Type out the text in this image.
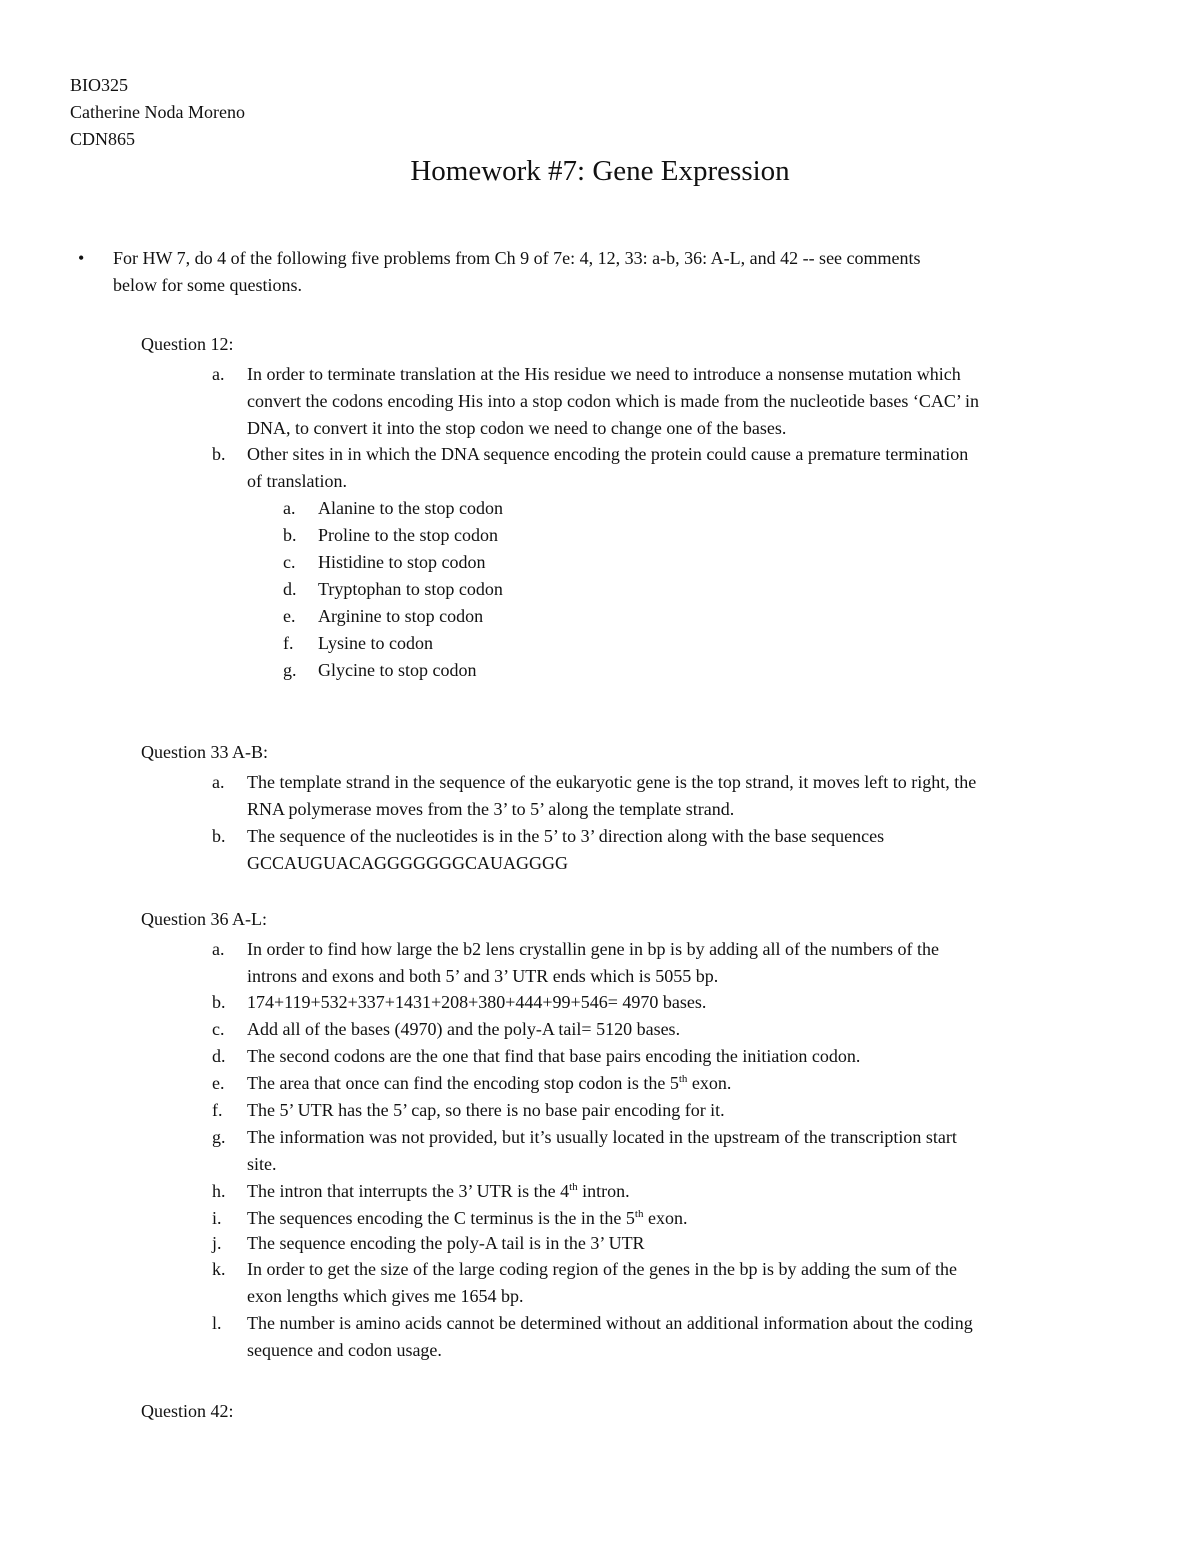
BIO325
Catherine Noda Moreno
CDN865
Homework #7: Gene Expression
• For HW 7, do 4 of the following five problems from Ch 9 of 7e: 4, 12, 33: a-b, 36: A-L, and 42 -- see comments
below for some questions.
Question 12:
a. In order to terminate translation at the His residue we need to introduce a nonsense mutation which
convert the codons encoding His into a stop codon which is made from the nucleotide bases ‘CAC’ in
DNA, to convert it into the stop codon we need to change one of the bases.
b. Other sites in in which the DNA sequence encoding the protein could cause a premature termination
of translation.
a. Alanine to the stop codon
b. Proline to the stop codon
c. Histidine to stop codon
d. Tryptophan to stop codon
e. Arginine to stop codon
f. Lysine to codon
g. Glycine to stop codon
Question 33 A-B:
a. The template strand in the sequence of the eukaryotic gene is the top strand, it moves left to right, the
RNA polymerase moves from the 3’ to 5’ along the template strand.
b. The sequence of the nucleotides is in the 5’ to 3’ direction along with the base sequences
GCCAUGUACAGGGGGGGCAUAGGGG
Question 36 A-L:
a. In order to find how large the b2 lens crystallin gene in bp is by adding all of the numbers of the
introns and exons and both 5’ and 3’ UTR ends which is 5055 bp.
b. 174+119+532+337+1431+208+380+444+99+546= 4970 bases.
c. Add all of the bases (4970) and the poly-A tail= 5120 bases.
d. The second codons are the one that find that base pairs encoding the initiation codon.
e. The area that once can find the encoding stop codon is the 5th exon.
f. The 5’ UTR has the 5’ cap, so there is no base pair encoding for it.
g. The information was not provided, but it’s usually located in the upstream of the transcription start
site.
h. The intron that interrupts the 3’ UTR is the 4th intron.
i. The sequences encoding the C terminus is the in the 5th exon.
j. The sequence encoding the poly-A tail is in the 3’ UTR
k. In order to get the size of the large coding region of the genes in the bp is by adding the sum of the
exon lengths which gives me 1654 bp.
l. The number is amino acids cannot be determined without an additional information about the coding
sequence and codon usage.
Question 42:
